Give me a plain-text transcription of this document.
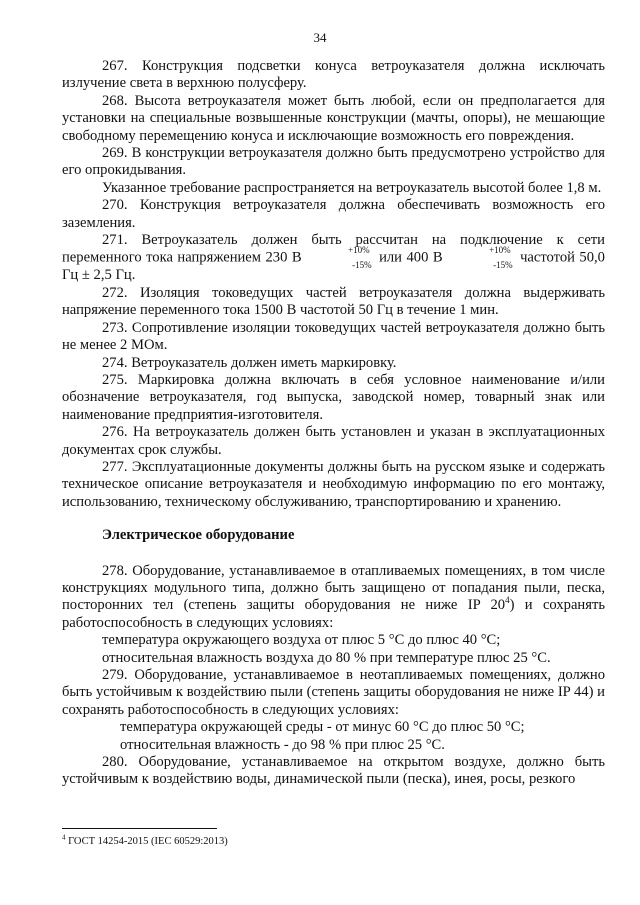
34

267. Конструкция подсветки конуса ветроуказателя должна исключать излучение света в верхнюю полусферу.

268. Высота ветроуказателя может быть любой, если он предполагается для установки на специальные возвышенные конструкции (мачты, опоры), не мешающие свободному перемещению конуса и исключающие возможность его повреждения.

269. В конструкции ветроуказателя должно быть предусмотрено устройство для его опрокидывания.

Указанное требование распространяется на ветроуказатель высотой более 1,8 м.

270. Конструкция ветроуказателя должна обеспечивать возможность его заземления.

271. Ветроуказатель должен быть рассчитан на подключение к сети переменного тока напряжением 230 В	+10%
-15% или 400 В	+10%
-15% частотой 50,0 Гц ± 2,5 Гц.

272. Изоляция токоведущих частей ветроуказателя должна выдерживать напряжение переменного тока 1500 В частотой 50 Гц в течение 1 мин.

273. Сопротивление изоляции токоведущих частей ветроуказателя должно быть не менее 2 МОм.

274. Ветроуказатель должен иметь маркировку.

275. Маркировка должна включать в себя условное наименование и/или обозначение ветроуказателя, год выпуска, заводской номер, товарный знак или наименование предприятия-изготовителя.

276. На ветроуказатель должен быть установлен и указан в эксплуатационных документах срок службы.

277. Эксплуатационные документы должны быть на русском языке и содержать техническое описание ветроуказателя и необходимую информацию по его монтажу, использованию, техническому обслуживанию, транспортированию и хранению.

Электрическое оборудование

278. Оборудование, устанавливаемое в отапливаемых помещениях, в том числе конструкциях модульного типа, должно быть защищено от попадания пыли, песка, посторонних тел (степень защиты оборудования не ниже IP $20^4$) и сохранять работоспособность в следующих условиях:

температура окружающего воздуха от плюс 5 °С до плюс 40 °С;

относительная влажность воздуха до 80 % при температуре плюс 25 °С.

279. Оборудование, устанавливаемое в неотапливаемых помещениях, должно быть устойчивым к воздействию пыли (степень защиты оборудования не ниже IP 44) и сохранять работоспособность в следующих условиях:

температура окружающей среды - от минус 60 °С до плюс 50 °С;

относительная влажность - до 98 % при плюс 25 °С.

280. Оборудование, устанавливаемое на открытом воздухе, должно быть устойчивым к воздействию воды, динамической пыли (песка), инея, росы, резкого

$^4$ ГОСТ 14254-2015 (IEC 60529:2013)
